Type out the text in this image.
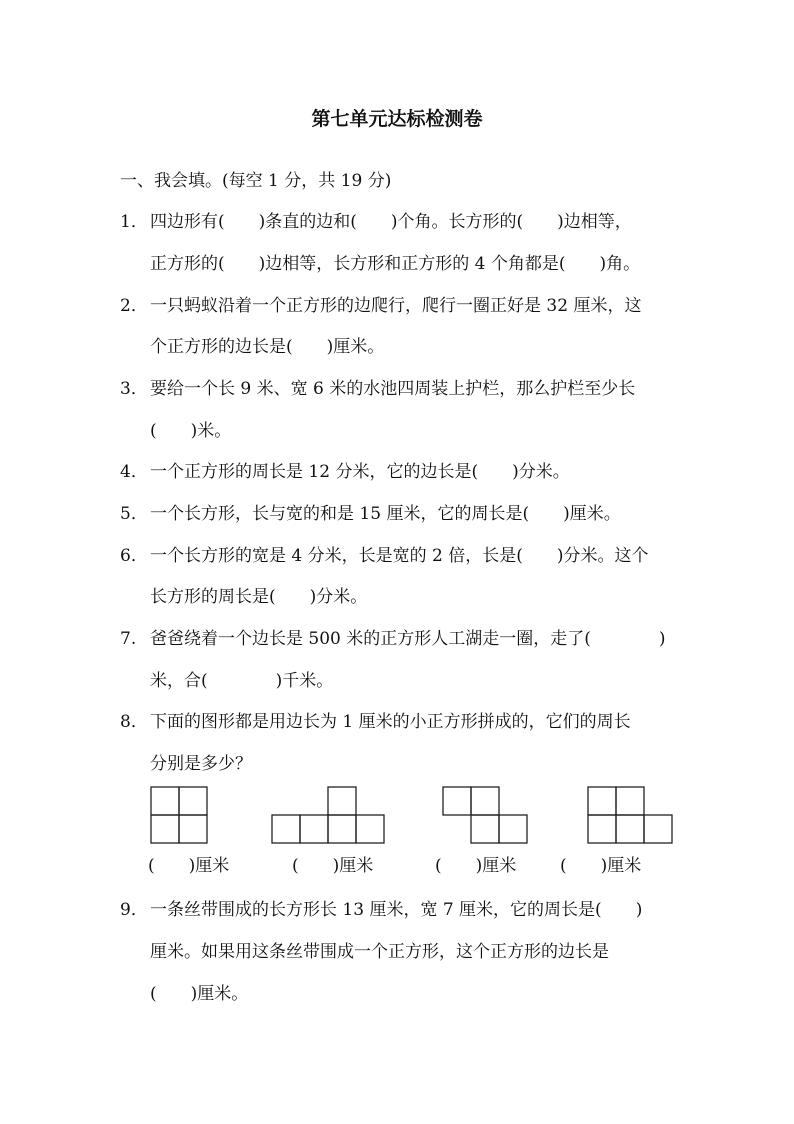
第七单元达标检测卷
一、我会填。(每空 1 分，共 19 分)
1． 四边形有(　　)条直的边和(　　)个角。长方形的(　　)边相等，
正方形的(　　)边相等，长方形和正方形的 4 个角都是(　　)角。
2． 一只蚂蚁沿着一个正方形的边爬行，爬行一圈正好是 32 厘米，这
个正方形的边长是(　　)厘米。
3． 要给一个长 9 米、宽 6 米的水池四周装上护栏，那么护栏至少长
(　　)米。
4． 一个正方形的周长是 12 分米，它的边长是(　　)分米。
5． 一个长方形，长与宽的和是 15 厘米，它的周长是(　　)厘米。
6． 一个长方形的宽是 4 分米，长是宽的 2 倍，长是(　　)分米。这个
长方形的周长是(　　)分米。
7. 爸爸绕着一个边长是 500 米的正方形人工湖走一圈，走了(　　　　)
米，合(　　　　)千米。
8． 下面的图形都是用边长为 1 厘米的小正方形拼成的，它们的周长
分别是多少？
(　　)厘米	(　　)厘米	(　　)厘米	(　　)厘米
9． 一条丝带围成的长方形长 13 厘米，宽 7 厘米，它的周长是(　　)
厘米。如果用这条丝带围成一个正方形，这个正方形的边长是
(　　)厘米。
